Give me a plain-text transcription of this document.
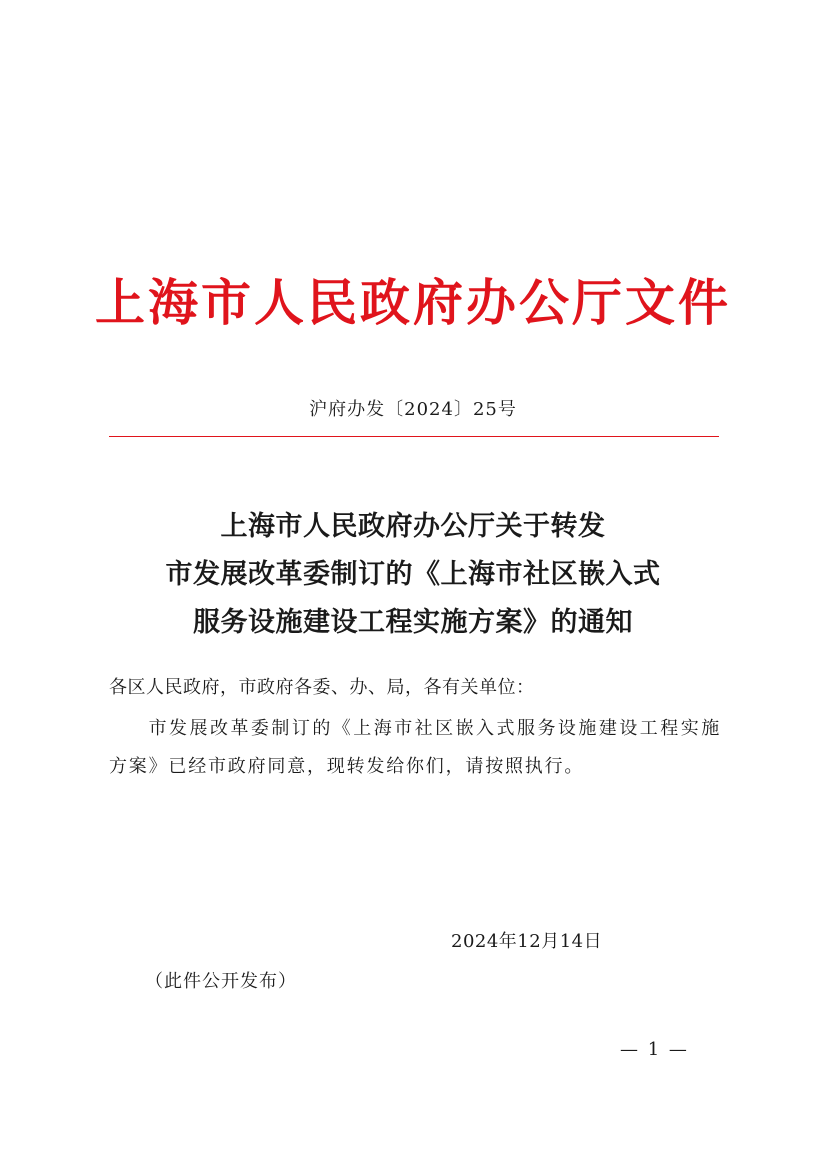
上海市人民政府办公厅文件
沪府办发〔2024〕25号
上海市人民政府办公厅关于转发
市发展改革委制订的《上海市社区嵌入式
服务设施建设工程实施方案》的通知
各区人民政府，市政府各委、办、局，各有关单位：
市发展改革委制订的《上海市社区嵌入式服务设施建设工程实施方案》已经市政府同意，现转发给你们，请按照执行。
2024年12月14日
（此件公开发布）
— 1 —
